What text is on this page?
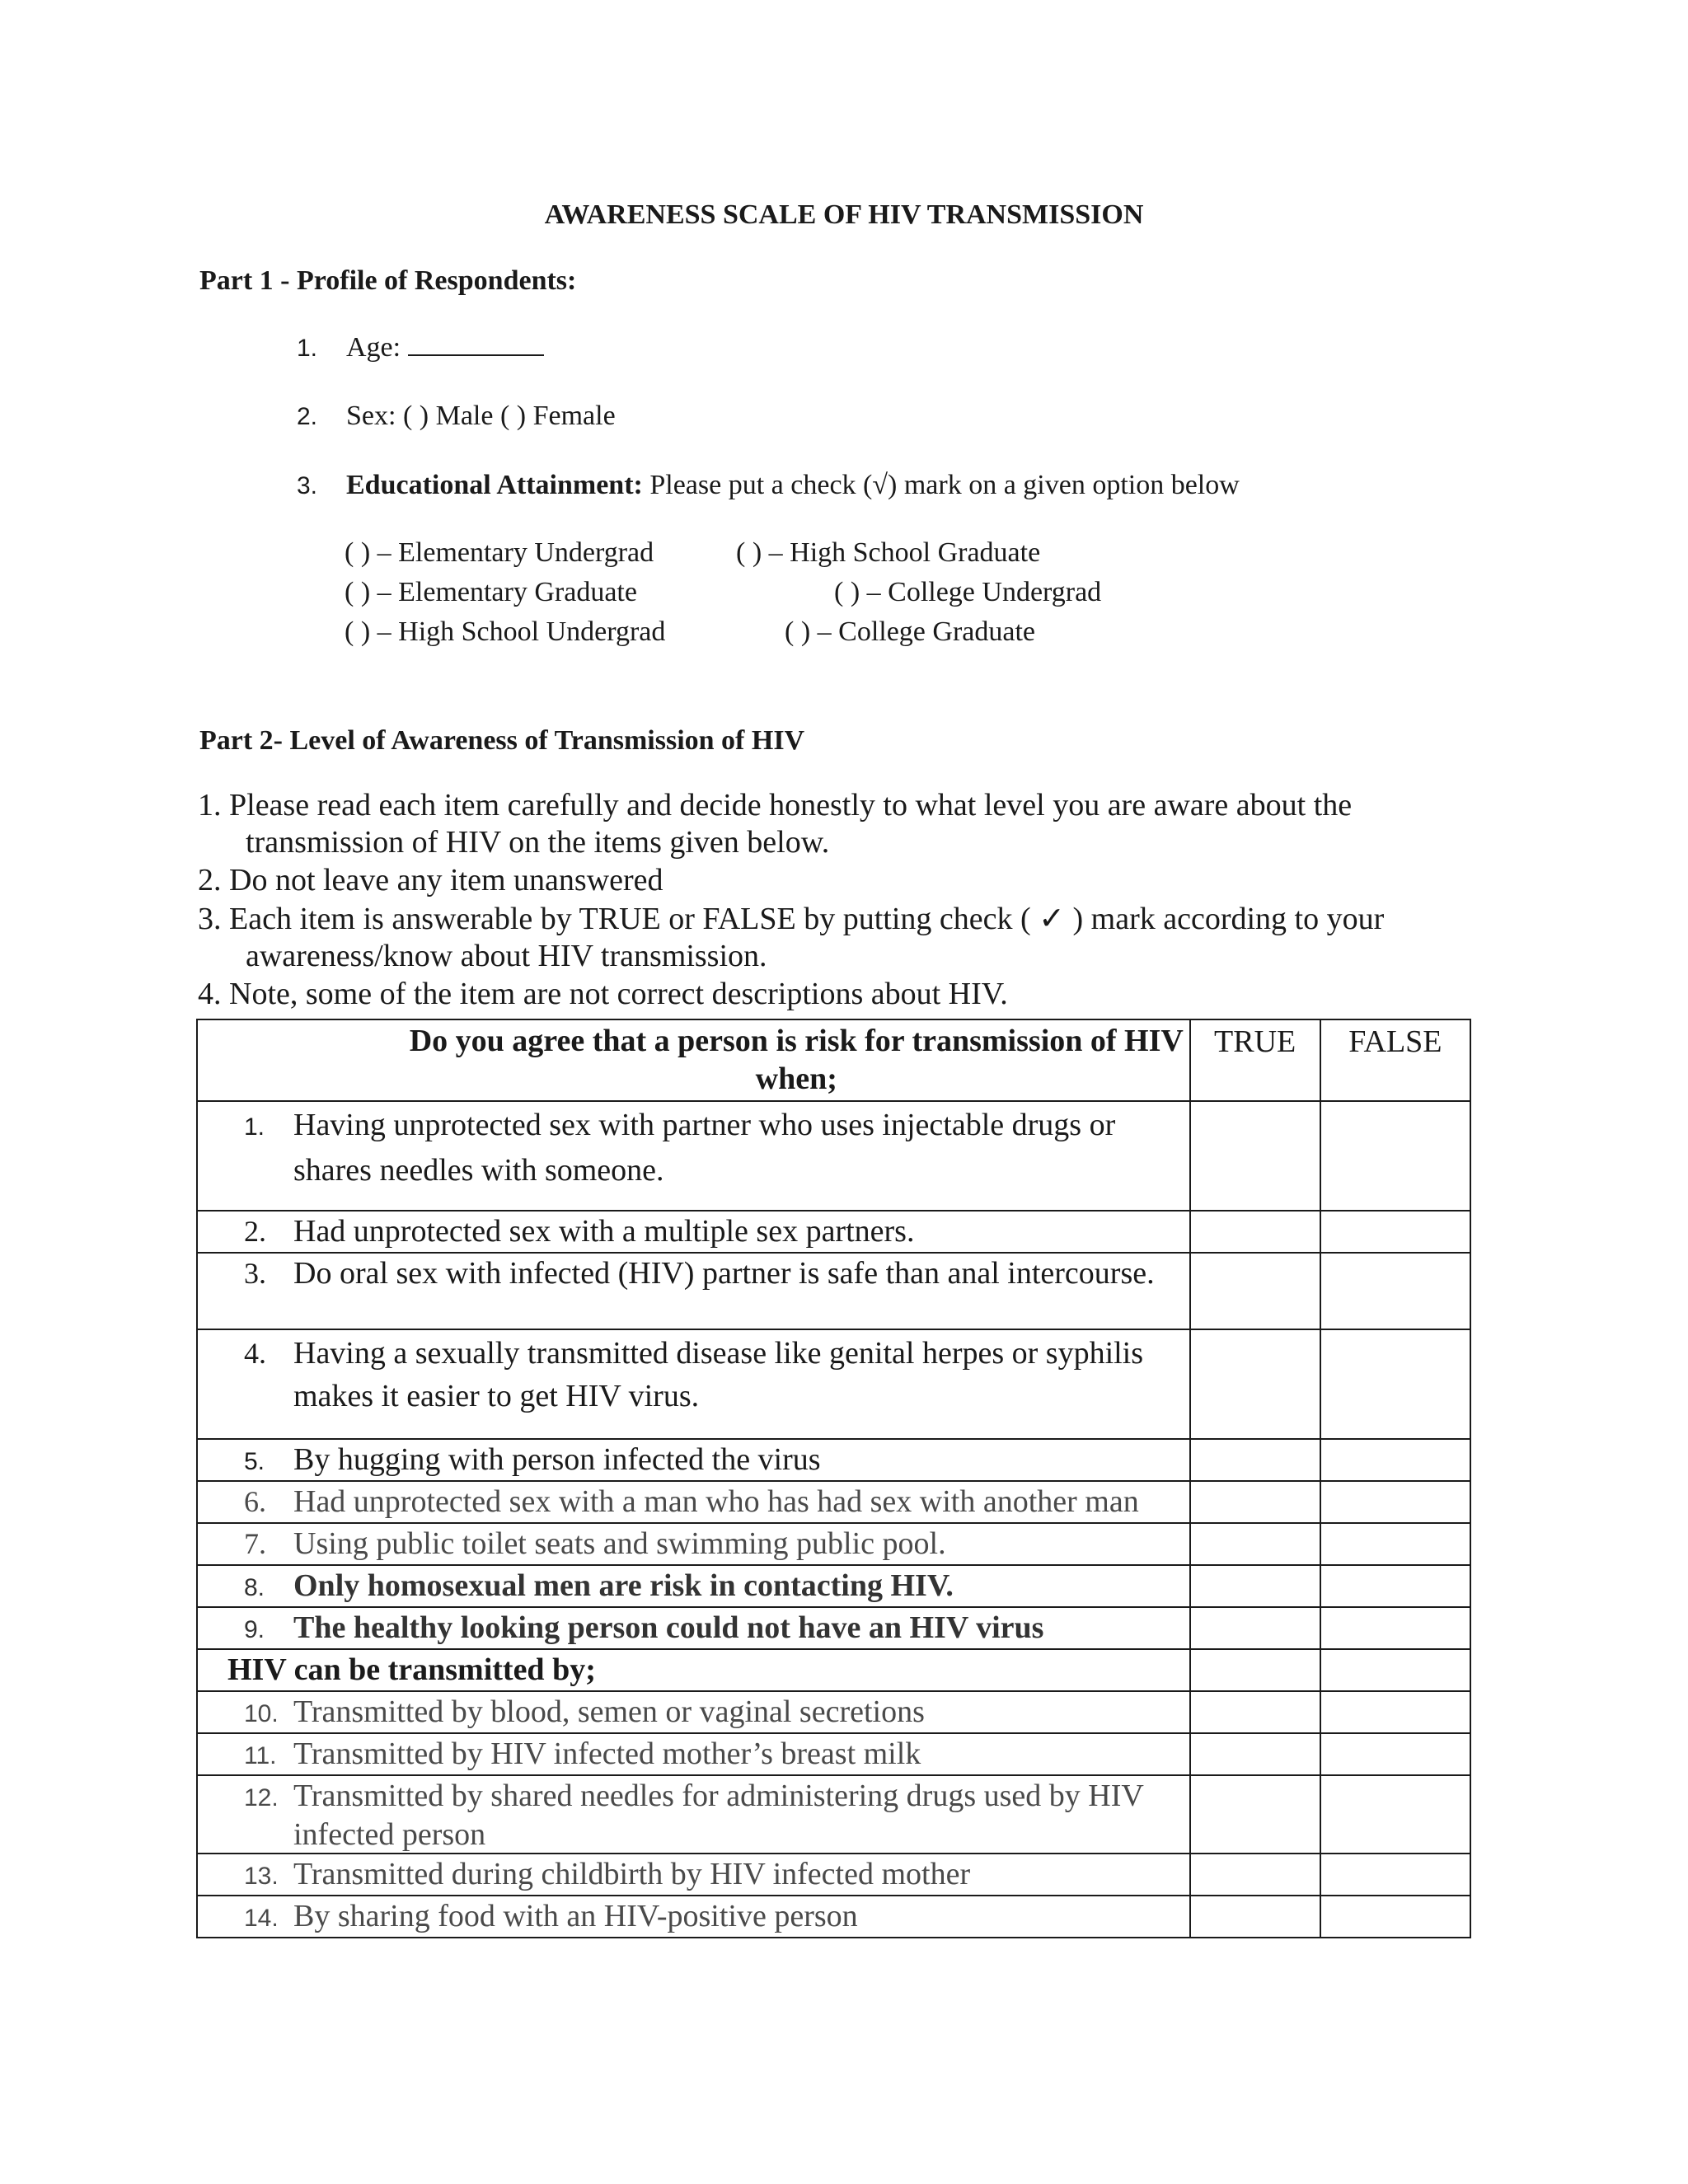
AWARENESS SCALE OF HIV TRANSMISSION
Part 1 - Profile of Respondents:
1. Age:
2. Sex: ( ) Male ( ) Female
3. Educational Attainment: Please put a check (√) mark on a given option below
( ) – Elementary Undergrad	( ) – High School Graduate
( ) – Elementary Graduate	( ) – College Undergrad
( ) – High School Undergrad	( ) – College Graduate
Part 2- Level of Awareness of Transmission of HIV
1. Please read each item carefully and decide honestly to what level you are aware about the
transmission of HIV on the items given below.
2. Do not leave any item unanswered
3. Each item is answerable by TRUE or FALSE by putting check ( ✓ ) mark according to your
awareness/know about HIV transmission.
4. Note, some of the item are not correct descriptions about HIV.
Do you agree that a person is risk for transmission of HIV when;	TRUE	FALSE
1. Having unprotected sex with partner who uses injectable drugs or shares needles with someone.		
2. Had unprotected sex with a multiple sex partners.		
3. Do oral sex with infected (HIV) partner is safe than anal intercourse.		
4. Having a sexually transmitted disease like genital herpes or syphilis makes it easier to get HIV virus.		
5. By hugging with person infected the virus		
6. Had unprotected sex with a man who has had sex with another man		
7. Using public toilet seats and swimming public pool.		
8. Only homosexual men are risk in contacting HIV.		
9. The healthy looking person could not have an HIV virus		
HIV can be transmitted by;		
10. Transmitted by blood, semen or vaginal secretions		
11. Transmitted by HIV infected mother’s breast milk		
12. Transmitted by shared needles for administering drugs used by HIV infected person		
13. Transmitted during childbirth by HIV infected mother		
14. By sharing food with an HIV-positive person		
